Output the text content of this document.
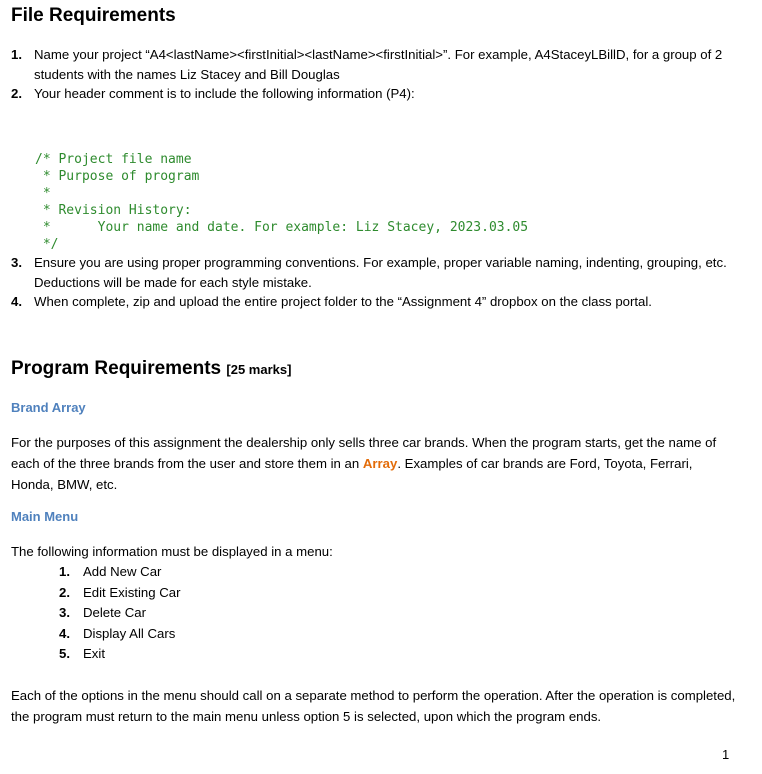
File Requirements
1. Name your project “A4<lastName><firstInitial><lastName><firstInitial>”. For example, A4StaceyLBillD, for a group of 2 students with the names Liz Stacey and Bill Douglas
2. Your header comment is to include the following information (P4):

/* Project file name
* Purpose of program
*
* Revision History:
*      Your name and date. For example: Liz Stacey, 2023.03.05
*/

3. Ensure you are using proper programming conventions. For example, proper variable naming, indenting, grouping, etc. Deductions will be made for each style mistake.
4. When complete, zip and upload the entire project folder to the “Assignment 4” dropbox on the class portal.
Program Requirements [25 marks]
Brand Array
For the purposes of this assignment the dealership only sells three car brands. When the program starts, get the name of each of the three brands from the user and store them in an Array. Examples of car brands are Ford, Toyota, Ferrari, Honda, BMW, etc.
Main Menu
The following information must be displayed in a menu:
1. Add New Car
2. Edit Existing Car
3. Delete Car
4. Display All Cars
5. Exit
Each of the options in the menu should call on a separate method to perform the operation. After the operation is completed, the program must return to the main menu unless option 5 is selected, upon which the program ends.
1
